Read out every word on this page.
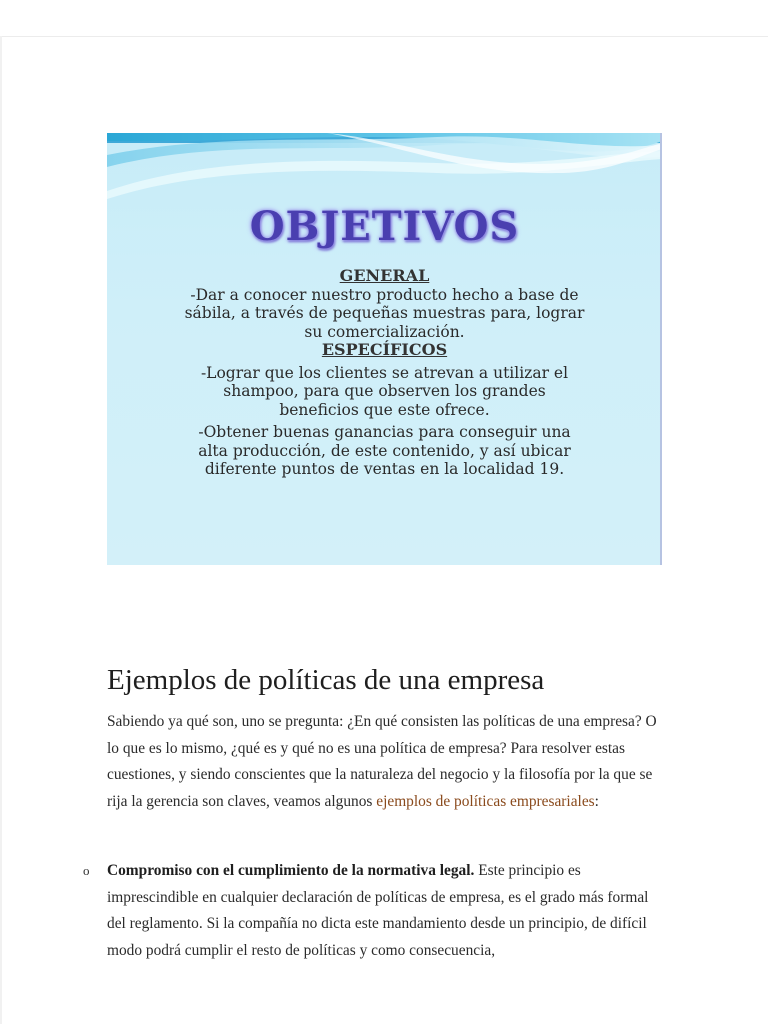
OBJETIVOS

GENERAL

-Dar a conocer nuestro producto hecho a base de

sábila, a través de pequeñas muestras para, lograr

su comercialización.

ESPECÍFICOS

-Lograr que los clientes se atrevan a utilizar el

shampoo, para que observen los grandes

beneficios que este ofrece.

-Obtener buenas ganancias para conseguir una

alta producción, de este contenido, y así ubicar

diferente puntos de ventas en la localidad 19.

Ejemplos de políticas de una empresa

Sabiendo ya qué son, uno se pregunta: ¿En qué consisten las políticas de una empresa? O lo que es lo mismo, ¿qué es y qué no es una política de empresa? Para resolver estas cuestiones, y siendo conscientes que la naturaleza del negocio y la filosofía por la que se rija la gerencia son claves, veamos algunos ejemplos de políticas empresariales:

o Compromiso con el cumplimiento de la normativa legal. Este principio es imprescindible en cualquier declaración de políticas de empresa, es el grado más formal del reglamento. Si la compañía no dicta este mandamiento desde un principio, de difícil modo podrá cumplir el resto de políticas y como consecuencia,
